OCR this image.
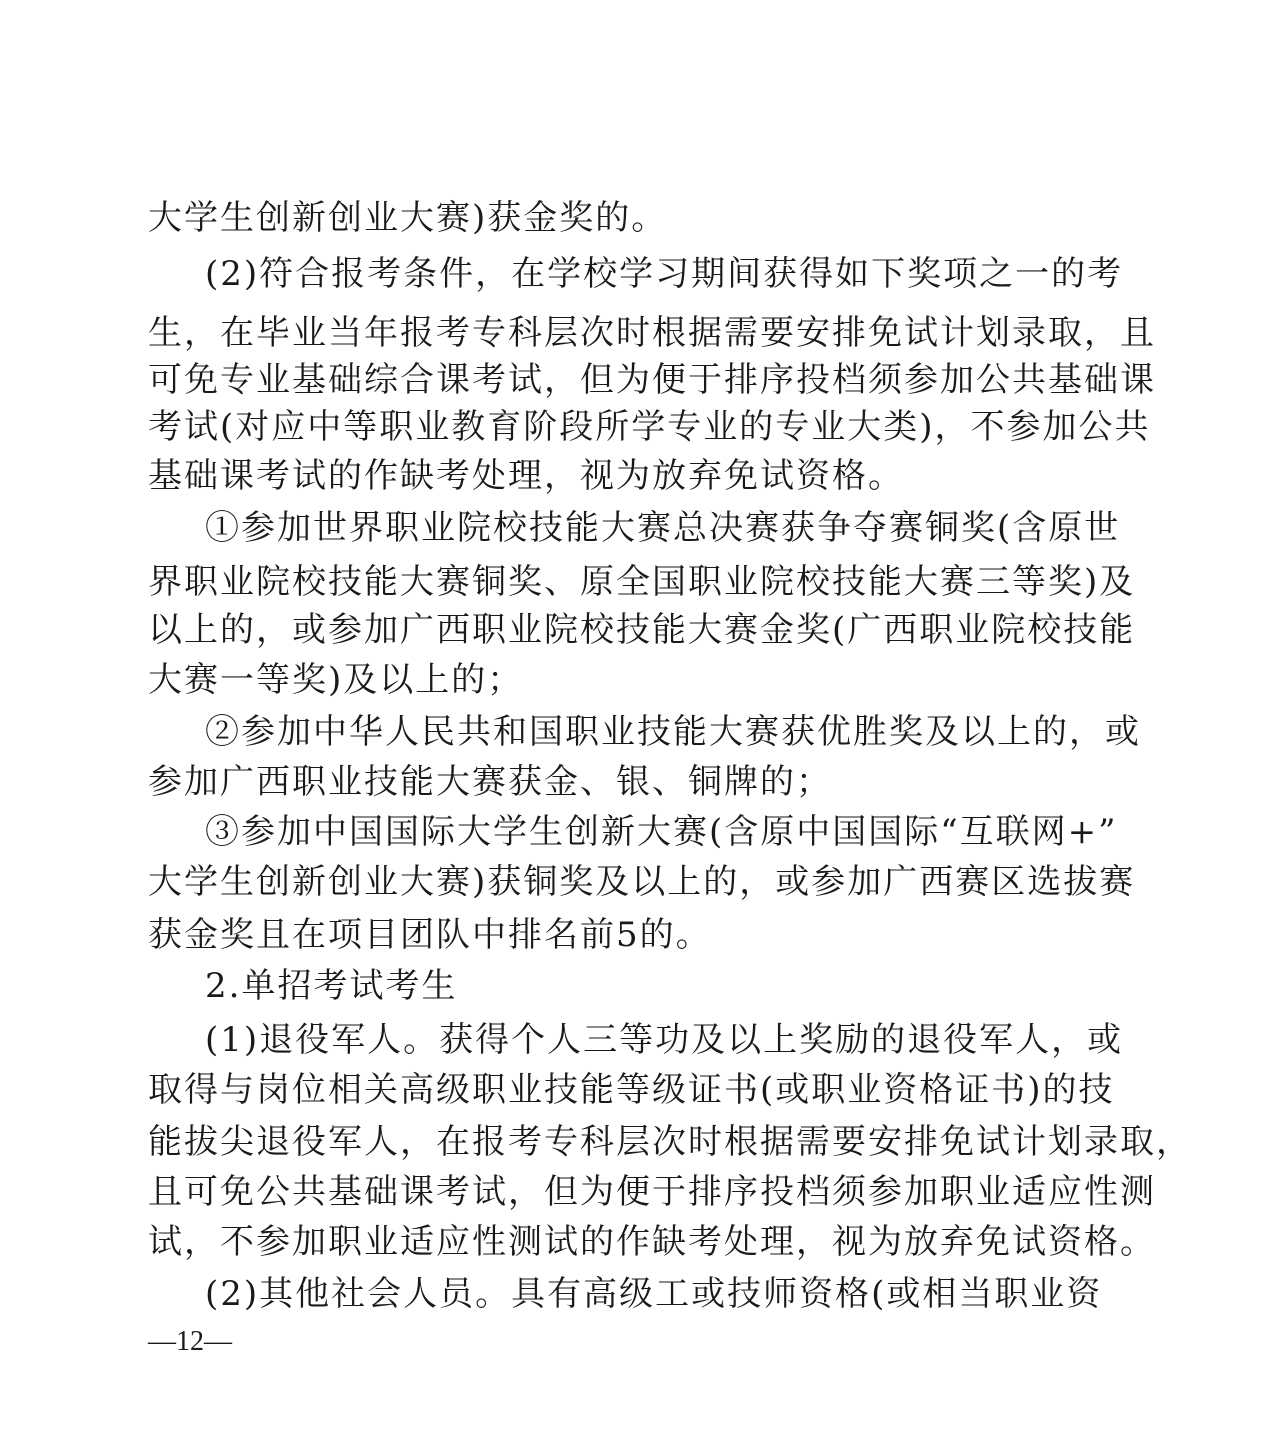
大学生创新创业大赛)获金奖的。
(2)符合报考条件，在学校学习期间获得如下奖项之一的考
生，在毕业当年报考专科层次时根据需要安排免试计划录取，且
可免专业基础综合课考试，但为便于排序投档须参加公共基础课
考试(对应中等职业教育阶段所学专业的专业大类)，不参加公共
基础课考试的作缺考处理，视为放弃免试资格。
①参加世界职业院校技能大赛总决赛获争夺赛铜奖(含原世
界职业院校技能大赛铜奖、原全国职业院校技能大赛三等奖)及
以上的，或参加广西职业院校技能大赛金奖(广西职业院校技能
大赛一等奖)及以上的；
②参加中华人民共和国职业技能大赛获优胜奖及以上的，或
参加广西职业技能大赛获金、银、铜牌的；
③参加中国国际大学生创新大赛(含原中国国际“互联网+”
大学生创新创业大赛)获铜奖及以上的，或参加广西赛区选拔赛
获金奖且在项目团队中排名前5的。
2.单招考试考生
(1)退役军人。获得个人三等功及以上奖励的退役军人，或
取得与岗位相关高级职业技能等级证书(或职业资格证书)的技
能拔尖退役军人，在报考专科层次时根据需要安排免试计划录取，
且可免公共基础课考试，但为便于排序投档须参加职业适应性测
试，不参加职业适应性测试的作缺考处理，视为放弃免试资格。
(2)其他社会人员。具有高级工或技师资格(或相当职业资
—12—
